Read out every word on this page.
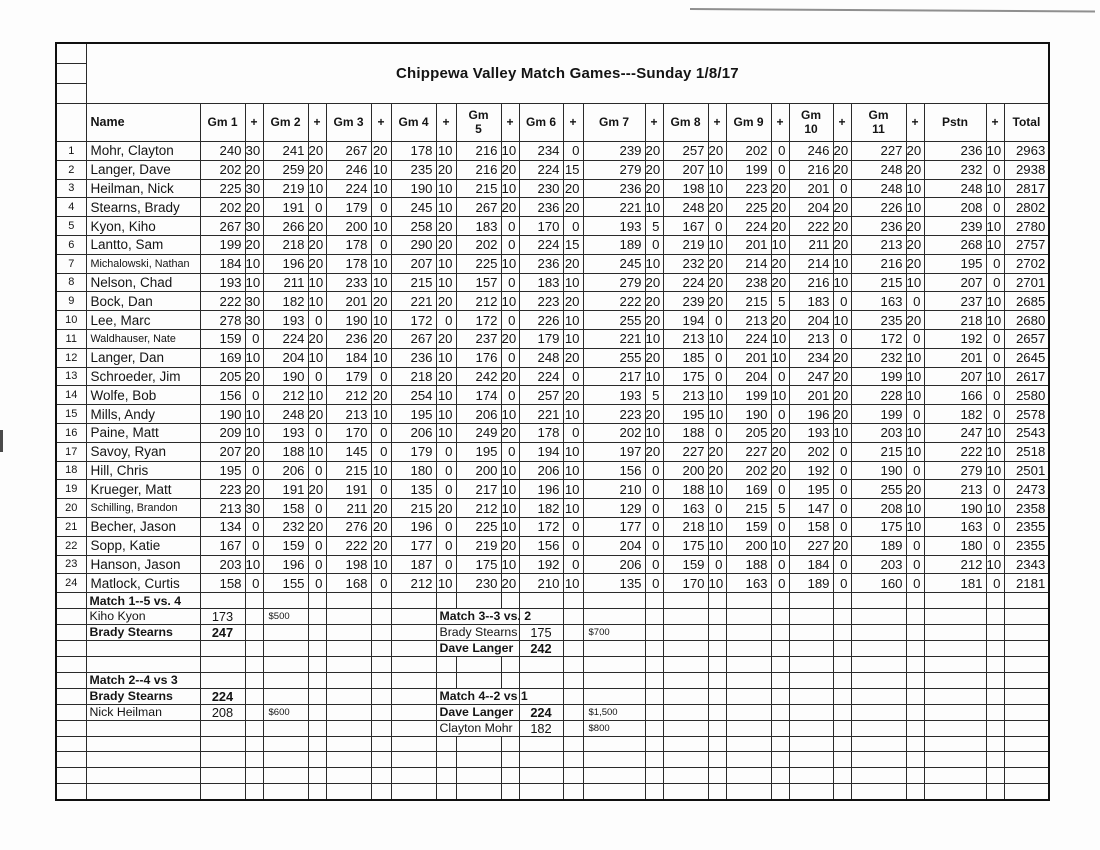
	Chippewa Valley Match Games---Sunday 1/8/17																									

	Name	Gm 1	+	Gm 2	+	Gm 3	+	Gm 4	+	Gm 5	+	Gm 6	+	Gm 7	+	Gm 8	+	Gm 9	+	Gm 10	+	Gm 11	+	Pstn	+	Total
1	Mohr, Clayton	240	30	241	20	267	20	178	10	216	10	234	0	239	20	257	20	202	0	246	20	227	20	236	10	2963
2	Langer, Dave	202	20	259	20	246	10	235	20	216	20	224	15	279	20	207	10	199	0	216	20	248	20	232	0	2938
3	Heilman, Nick	225	30	219	10	224	10	190	10	215	10	230	20	236	20	198	10	223	20	201	0	248	10	248	10	2817
4	Stearns, Brady	202	20	191	0	179	0	245	10	267	20	236	20	221	10	248	20	225	20	204	20	226	10	208	0	2802
5	Kyon, Kiho	267	30	266	20	200	10	258	20	183	0	170	0	193	5	167	0	224	20	222	20	236	20	239	10	2780
6	Lantto, Sam	199	20	218	20	178	0	290	20	202	0	224	15	189	0	219	10	201	10	211	20	213	20	268	10	2757
7	Michalowski, Nathan	184	10	196	20	178	10	207	10	225	10	236	20	245	10	232	20	214	20	214	10	216	20	195	0	2702
8	Nelson, Chad	193	10	211	10	233	10	215	10	157	0	183	10	279	20	224	20	238	20	216	10	215	10	207	0	2701
9	Bock, Dan	222	30	182	10	201	20	221	20	212	10	223	20	222	20	239	20	215	5	183	0	163	0	237	10	2685
10	Lee, Marc	278	30	193	0	190	10	172	0	172	0	226	10	255	20	194	0	213	20	204	10	235	20	218	10	2680
11	Waldhauser, Nate	159	0	224	20	236	20	267	20	237	20	179	10	221	10	213	10	224	10	213	0	172	0	192	0	2657
12	Langer, Dan	169	10	204	10	184	10	236	10	176	0	248	20	255	20	185	0	201	10	234	20	232	10	201	0	2645
13	Schroeder, Jim	205	20	190	0	179	0	218	20	242	20	224	0	217	10	175	0	204	0	247	20	199	10	207	10	2617
14	Wolfe, Bob	156	0	212	10	212	20	254	10	174	0	257	20	193	5	213	10	199	10	201	20	228	10	166	0	2580
15	Mills, Andy	190	10	248	20	213	10	195	10	206	10	221	10	223	20	195	10	190	0	196	20	199	0	182	0	2578
16	Paine, Matt	209	10	193	0	170	0	206	10	249	20	178	0	202	10	188	0	205	20	193	10	203	10	247	10	2543
17	Savoy, Ryan	207	20	188	10	145	0	179	0	195	0	194	10	197	20	227	20	227	20	202	0	215	10	222	10	2518
18	Hill, Chris	195	0	206	0	215	10	180	0	200	10	206	10	156	0	200	20	202	20	192	0	190	0	279	10	2501
19	Krueger, Matt	223	20	191	20	191	0	135	0	217	10	196	10	210	0	188	10	169	0	195	0	255	20	213	0	2473
20	Schilling, Brandon	213	30	158	0	211	20	215	20	212	10	182	10	129	0	163	0	215	5	147	0	208	10	190	10	2358
21	Becher, Jason	134	0	232	20	276	20	196	0	225	10	172	0	177	0	218	10	159	0	158	0	175	10	163	0	2355
22	Sopp, Katie	167	0	159	0	222	20	177	0	219	20	156	0	204	0	175	10	200	10	227	20	189	0	180	0	2355
23	Hanson, Jason	203	10	196	0	198	10	187	0	175	10	192	0	206	0	159	0	188	0	184	0	203	0	212	10	2343
24	Matlock, Curtis	158	0	155	0	168	0	212	10	230	20	210	10	135	0	170	10	163	0	189	0	160	0	181	0	2181
	Match 1--5 vs. 4																									
	Kiho Kyon	173		$500					Match 3--3 vs. 2																	
	Brady Stearns	247							Brady Stearns			175		$700												
									Dave Langer			242														

	Match 2--4 vs 3																									
	Brady Stearns	224							Match 4--2 vs 1																	
	Nick Heilman	208		$600					Dave Langer			224		$1,500												
									Clayton Mohr			182		$800												
